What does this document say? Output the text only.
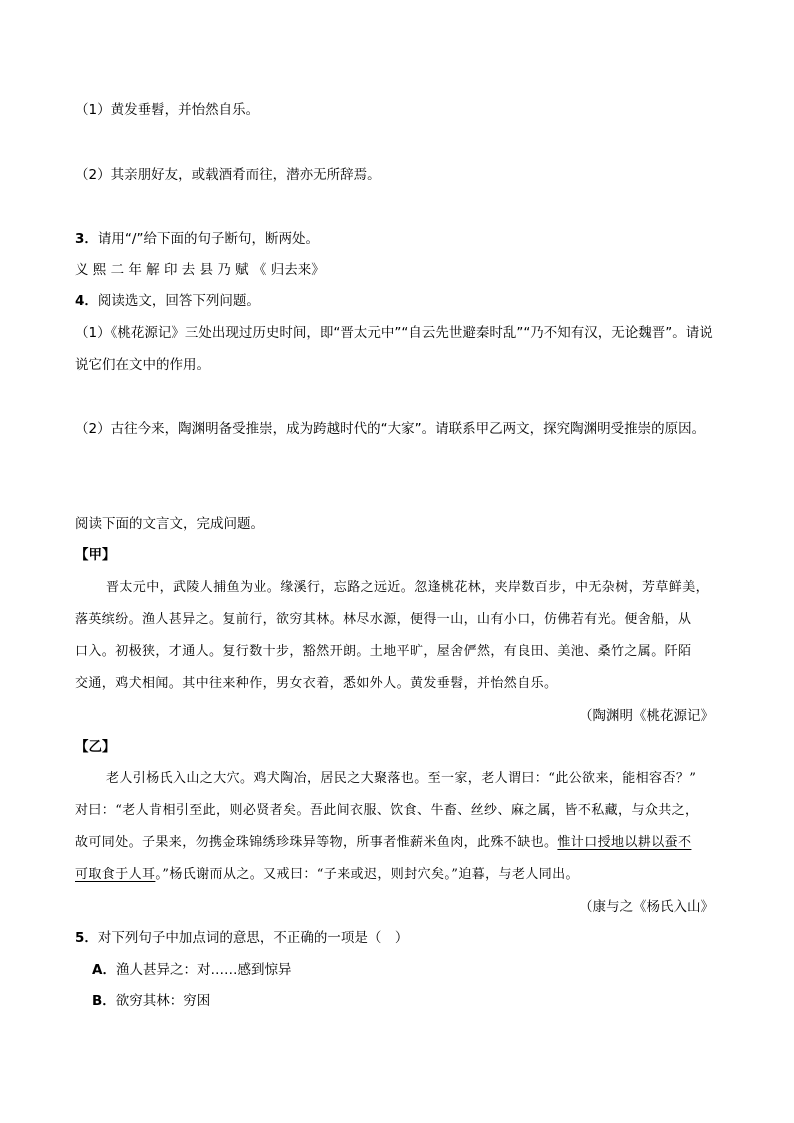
（1）黄发垂髫，并怡然自乐。
（2）其亲朋好友，或载酒肴而往，潜亦无所辞焉。
3．请用“/”给下面的句子断句，断两处。
义 熙 二 年 解 印 去 县 乃 赋 《 归去来》
4．阅读选文，回答下列问题。
（1）《桃花源记》三处出现过历史时间，即“晋太元中”“自云先世避秦时乱”“乃不知有汉，无论魏晋”。请说
说它们在文中的作用。
（2）古往今来，陶渊明备受推崇，成为跨越时代的“大家”。请联系甲乙两文，探究陶渊明受推崇的原因。
阅读下面的文言文，完成问题。
【甲】
晋太元中，武陵人捕鱼为业。缘溪行，忘路之远近。忽逢桃花林，夹岸数百步，中无杂树，芳草鲜美，
落英缤纷。渔人甚异之。复前行，欲穷其林。林尽水源，便得一山，山有小口，仿佛若有光。便舍船，从
口入。初极狭，才通人。复行数十步，豁然开朗。土地平旷，屋舍俨然，有良田、美池、桑竹之属。阡陌
交通，鸡犬相闻。其中往来种作，男女衣着，悉如外人。黄发垂髫，并怡然自乐。
（陶渊明《桃花源记》
【乙】
老人引杨氏入山之大穴。鸡犬陶冶，居民之大聚落也。至一家，老人谓曰：“此公欲来，能相容否？”
对曰：“老人肯相引至此，则必贤者矣。吾此间衣服、饮食、牛畜、丝纱、麻之属，皆不私藏，与众共之，
故可同处。子果来，勿携金珠锦绣珍珠异等物，所事者惟薪米鱼肉，此殊不缺也。惟计口授地以耕以蚕不
可取食于人耳。”杨氏谢而从之。又戒曰：“子来或迟，则封穴矣。”迫暮，与老人同出。
（康与之《杨氏入山》
5．对下列句子中加点词的意思，不正确的一项是（　）
A．渔人甚异之：对……感到惊异
B．欲穷其林：穷困
